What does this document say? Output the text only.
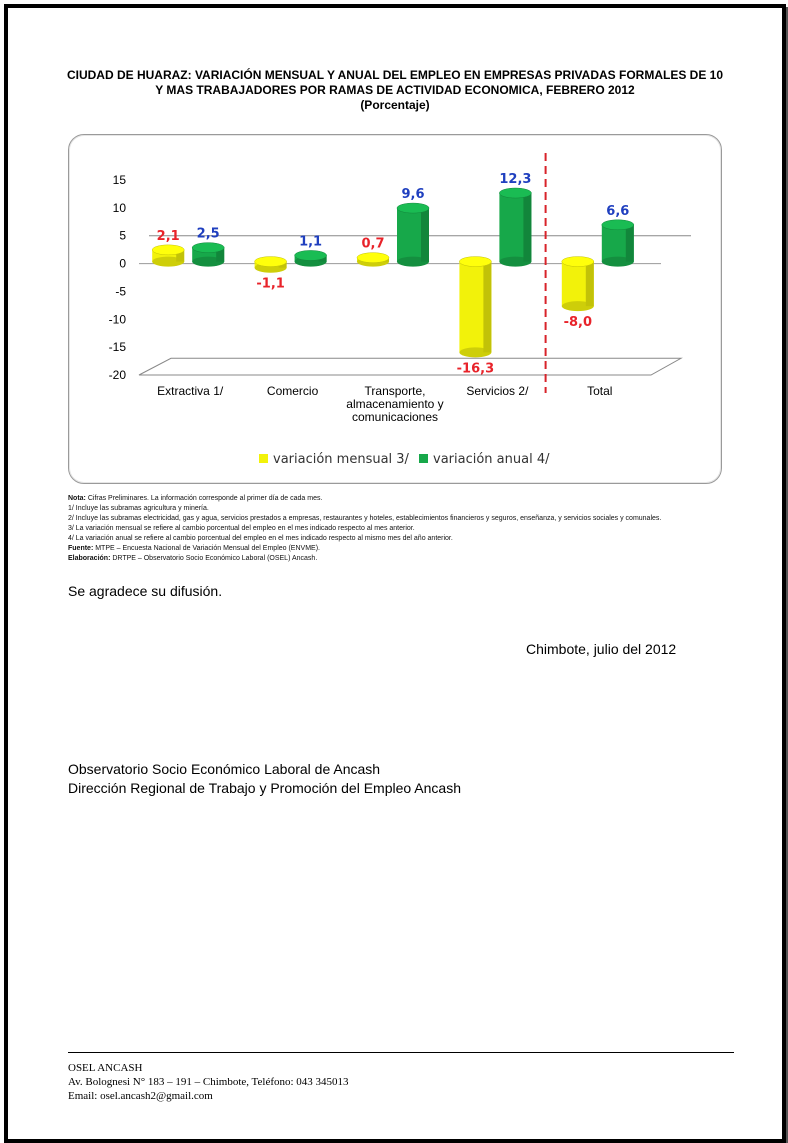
CIUDAD DE HUARAZ: VARIACIÓN MENSUAL Y ANUAL DEL EMPLEO EN EMPRESAS PRIVADAS FORMALES DE 10
Y MAS TRABAJADORES POR RAMAS DE ACTIVIDAD ECONOMICA, FEBRERO 2012
(Porcentaje)
15
10
5
0
-5
-10
-15
-20
2,1 2,5
Extractiva 1/
-1,1
1,1
Comercio
0,7
9,6
Transporte,
almacenamiento y
comunicaciones
-16,3
12,3
Servicios 2/
-8,0
6,6
Total
variación mensual 3/ variación anual 4/
Nota: Cifras Preliminares. La información corresponde al primer día de cada mes.
1/ Incluye las subramas agricultura y minería.
2/ Incluye las subramas electricidad, gas y agua, servicios prestados a empresas, restaurantes y hoteles, establecimientos financieros y seguros, enseñanza, y servicios sociales y comunales.
3/ La variación mensual se refiere al cambio porcentual del empleo en el mes indicado respecto al mes anterior.
4/ La variación anual se refiere al cambio porcentual del empleo en el mes indicado respecto al mismo mes del año anterior.
Fuente: MTPE – Encuesta Nacional de Variación Mensual del Empleo (ENVME).
Elaboración: DRTPE – Observatorio Socio Económico Laboral (OSEL) Ancash.
Se agradece su difusión.
Chimbote, julio del 2012
Observatorio Socio Económico Laboral de Ancash
Dirección Regional de Trabajo y Promoción del Empleo Ancash
OSEL ANCASH
Av. Bolognesi N° 183 – 191 – Chimbote, Teléfono: 043 345013
Email: osel.ancash2@gmail.com
